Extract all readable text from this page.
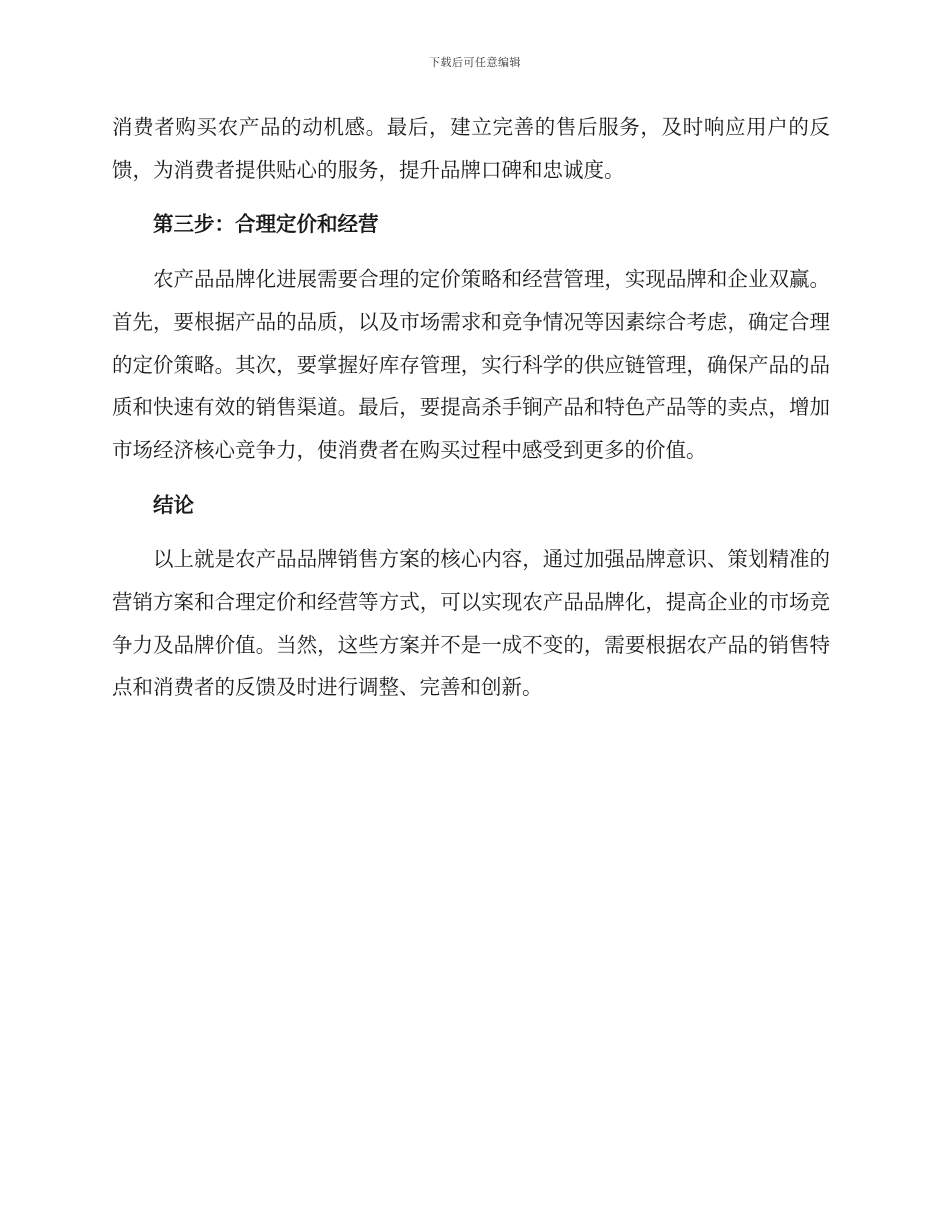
下载后可任意编辑

消费者购买农产品的动机感。最后，建立完善的售后服务，及时响应用户的反馈，为消费者提供贴心的服务，提升品牌口碑和忠诚度。

第三步：合理定价和经营

农产品品牌化进展需要合理的定价策略和经营管理，实现品牌和企业双赢。首先，要根据产品的品质，以及市场需求和竞争情况等因素综合考虑，确定合理的定价策略。其次，要掌握好库存管理，实行科学的供应链管理，确保产品的品质和快速有效的销售渠道。最后，要提高杀手锏产品和特色产品等的卖点，增加市场经济核心竞争力，使消费者在购买过程中感受到更多的价值。

结论

以上就是农产品品牌销售方案的核心内容，通过加强品牌意识、策划精准的营销方案和合理定价和经营等方式，可以实现农产品品牌化，提高企业的市场竞争力及品牌价值。当然，这些方案并不是一成不变的，需要根据农产品的销售特点和消费者的反馈及时进行调整、完善和创新。
